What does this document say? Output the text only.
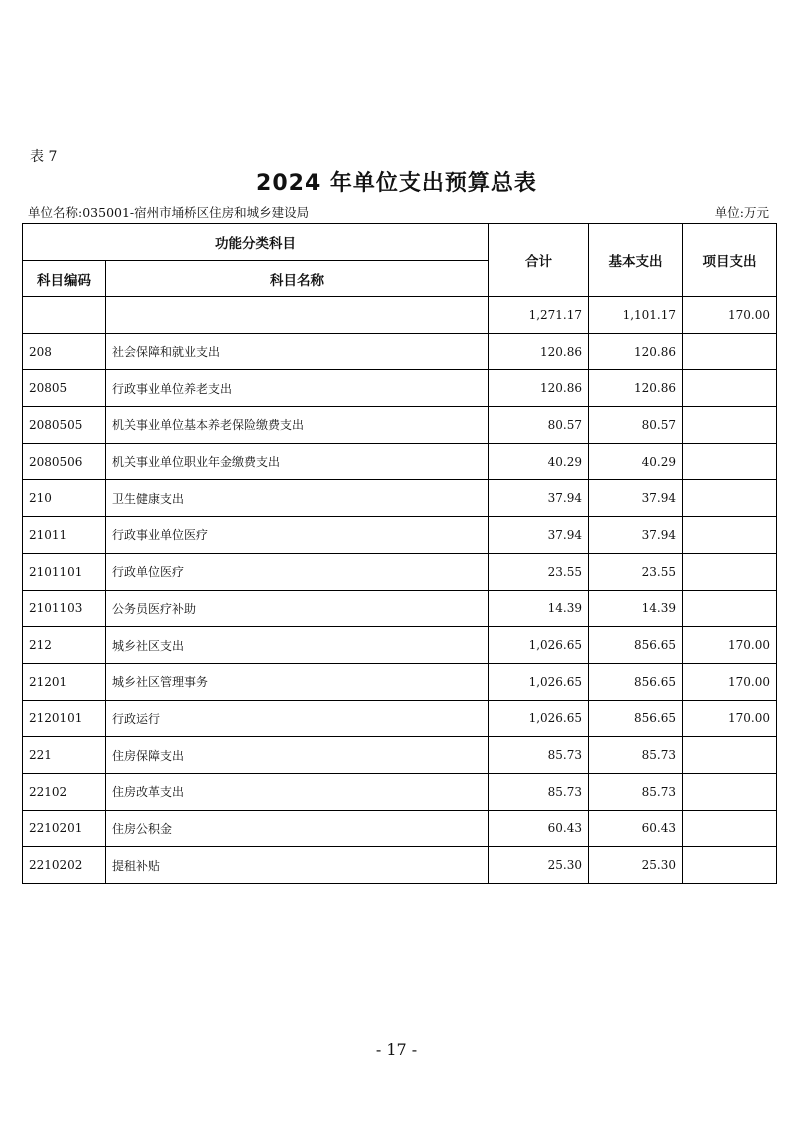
表 7
2024 年单位支出预算总表
单位名称:035001-宿州市埇桥区住房和城乡建设局	单位:万元
功能分类科目		合计	基本支出	项目支出
科目编码	科目名称			
		1,271.17	1,101.17	170.00
208	社会保障和就业支出	120.86	120.86	
20805	行政事业单位养老支出	120.86	120.86	
2080505	机关事业单位基本养老保险缴费支出	80.57	80.57	
2080506	机关事业单位职业年金缴费支出	40.29	40.29	
210	卫生健康支出	37.94	37.94	
21011	行政事业单位医疗	37.94	37.94	
2101101	行政单位医疗	23.55	23.55	
2101103	公务员医疗补助	14.39	14.39	
212	城乡社区支出	1,026.65	856.65	170.00
21201	城乡社区管理事务	1,026.65	856.65	170.00
2120101	行政运行	1,026.65	856.65	170.00
221	住房保障支出	85.73	85.73	
22102	住房改革支出	85.73	85.73	
2210201	住房公积金	60.43	60.43	
2210202	提租补贴	25.30	25.30	
- 17 -
